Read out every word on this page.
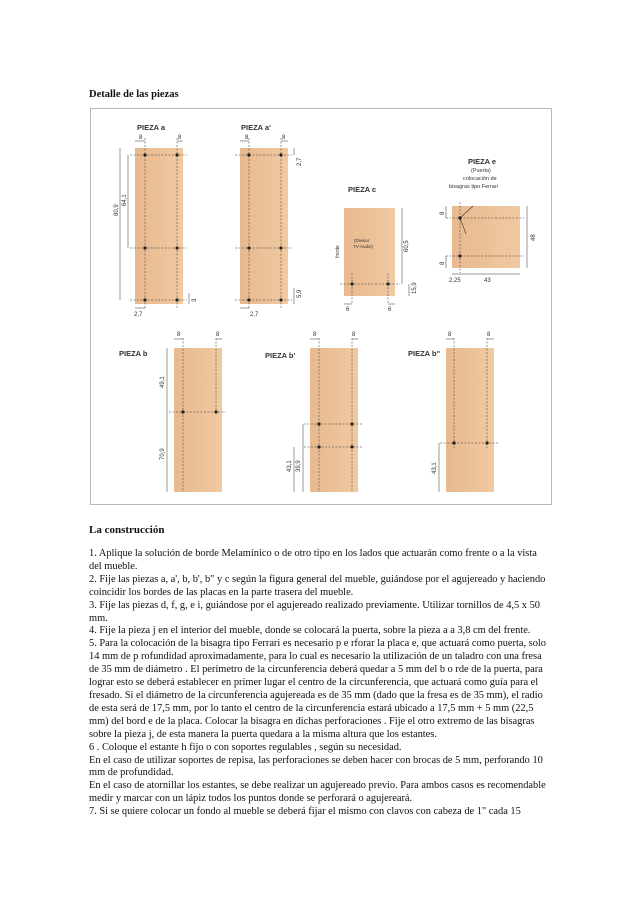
Detalle de las piezas
PIEZA a
8	8
80,9
64,1
3
2,7
PIEZA a'
8	8
2,7
5,9
2,7
PIEZA c
(Divisor
TV-Audio)
frente	60,5
15,9
6	6
PIEZA e
(Puerta)
colocación de
bisagras tipo Ferrari
8
8
48
2,25	43
PIEZA b
8	8
49,1
70,9
PIEZA b'
8	8
43,1 39,9
PIEZA b''
8	8
43,1
La construcción

1. Aplique la solución de borde Melamínico o de otro tipo en los lados que actuarán como frente o a la vista del mueble.

2. Fije las piezas a, a', b, b', b" y c según la figura general del mueble, guiándose por el agujereado y haciendo coincidir los bordes de las placas en la parte trasera del mueble.

3. Fije las piezas d, f, g, e i, guiándose por el agujereado realizado previamente. Utilizar tornillos de 4,5 x 50 mm.

4. Fije la pieza j en el interior del mueble, donde se colocará la puerta, sobre la pieza a a 3,8 cm del frente.

5. Para la colocación de la bisagra tipo Ferrari es necesario p e rforar la placa e, que actuará como puerta, solo 14 mm de p rofundidad aproximadamente, para lo cual es necesario la utilización de un taladro con una fresa de 35 mm de diámetro . El perímetro de la circunferencia deberá quedar a 5 mm del b o rde de la puerta, para lograr esto se deberá establecer en primer lugar el centro de la circunferencia, que actuará como guía para el fresado. Si el diámetro de la circunferencia agujereada es de 35 mm (dado que la fresa es de 35 mm), el radio de esta será de 17,5 mm, por lo tanto el centro de la circunferencia estará ubicado a 17,5 mm + 5 mm (22,5 mm) del bord e de la placa. Colocar la bisagra en dichas perforaciones . Fije el otro extremo de las bisagras sobre la pieza j, de esta manera la puerta quedara a la misma altura que los estantes.

6 . Coloque el estante h fijo o con soportes regulables , según su necesidad.

En el caso de utilizar soportes de repisa, las perforaciones se deben hacer con brocas de 5 mm, perforando 10 mm de profundidad.

En el caso de atornillar los estantes, se debe realizar un agujereado previo. Para ambos casos es recomendable medir y marcar con un lápiz todos los puntos donde se perforará o agujereará.

7. Si se quiere colocar un fondo al mueble se deberá fijar el mismo con clavos con cabeza de 1" cada 15
